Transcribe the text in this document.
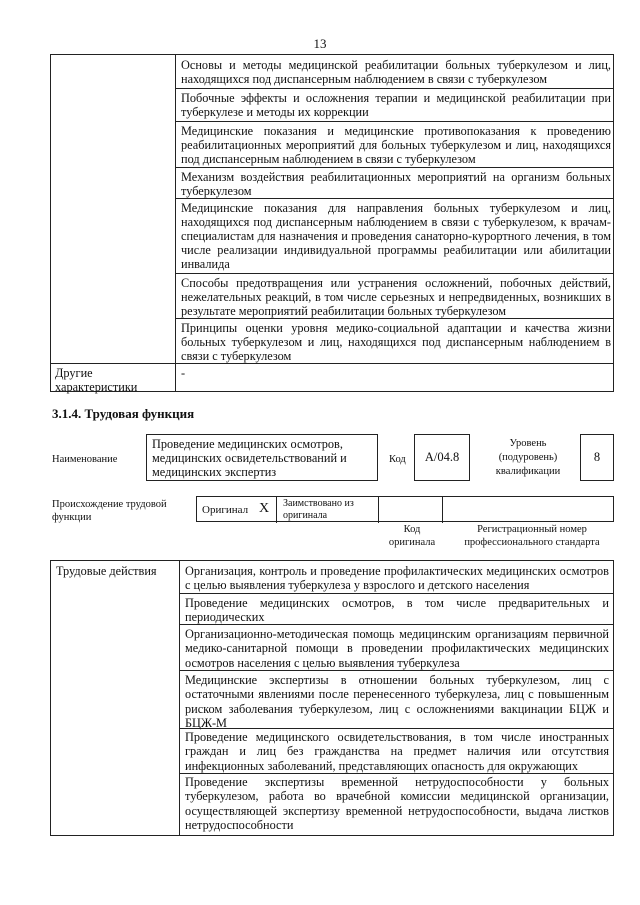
13
Основы и методы медицинской реабилитации больных туберкулезом и лиц, находящихся под диспансерным наблюдением в связи с туберкулезом
Побочные эффекты и осложнения терапии и медицинской реабилитации при туберкулезе и методы их коррекции
Медицинские показания и медицинские противопоказания к проведению реабилитационных мероприятий для больных туберкулезом и лиц, находящихся под диспансерным наблюдением в связи с туберкулезом
Механизм воздействия реабилитационных мероприятий на организм больных туберкулезом
Медицинские показания для направления больных туберкулезом и лиц, находящихся под диспансерным наблюдением в связи с туберкулезом, к врачам-специалистам для назначения и проведения санаторно-курортного лечения, в том числе реализации индивидуальной программы реабилитации или абилитации инвалида
Способы предотвращения или устранения осложнений, побочных действий, нежелательных реакций, в том числе серьезных и непредвиденных, возникших в результате мероприятий реабилитации больных туберкулезом
Принципы оценки уровня медико-социальной адаптации и качества жизни больных туберкулезом и лиц, находящихся под диспансерным наблюдением в связи с туберкулезом
Другие характеристики
-
3.1.4. Трудовая функция
Наименование
Проведение медицинских осмотров, медицинских освидетельствований и медицинских экспертиз
Код	A/04.8
Уровень (подуровень) квалификации
8
Происхождение трудовой функции
Оригинал X Заимствовано из оригинала
Код оригинала
Регистрационный номер профессионального стандарта
Трудовые действия Организация, контроль и проведение профилактических медицинских осмотров с целью выявления туберкулеза у взрослого и детского населения
Проведение медицинских осмотров, в том числе предварительных и периодических
Организационно-методическая помощь медицинским организациям первичной медико-санитарной помощи в проведении профилактических медицинских осмотров населения с целью выявления туберкулеза
Медицинские экспертизы в отношении больных туберкулезом, лиц с остаточными явлениями после перенесенного туберкулеза, лиц с повышенным риском заболевания туберкулезом, лиц с осложнениями вакцинации БЦЖ и БЦЖ-М
Проведение медицинского освидетельствования, в том числе иностранных граждан и лиц без гражданства на предмет наличия или отсутствия инфекционных заболеваний, представляющих опасность для окружающих
Проведение экспертизы временной нетрудоспособности у больных туберкулезом, работа во врачебной комиссии медицинской организации, осуществляющей экспертизу временной нетрудоспособности, выдача листков нетрудоспособности
